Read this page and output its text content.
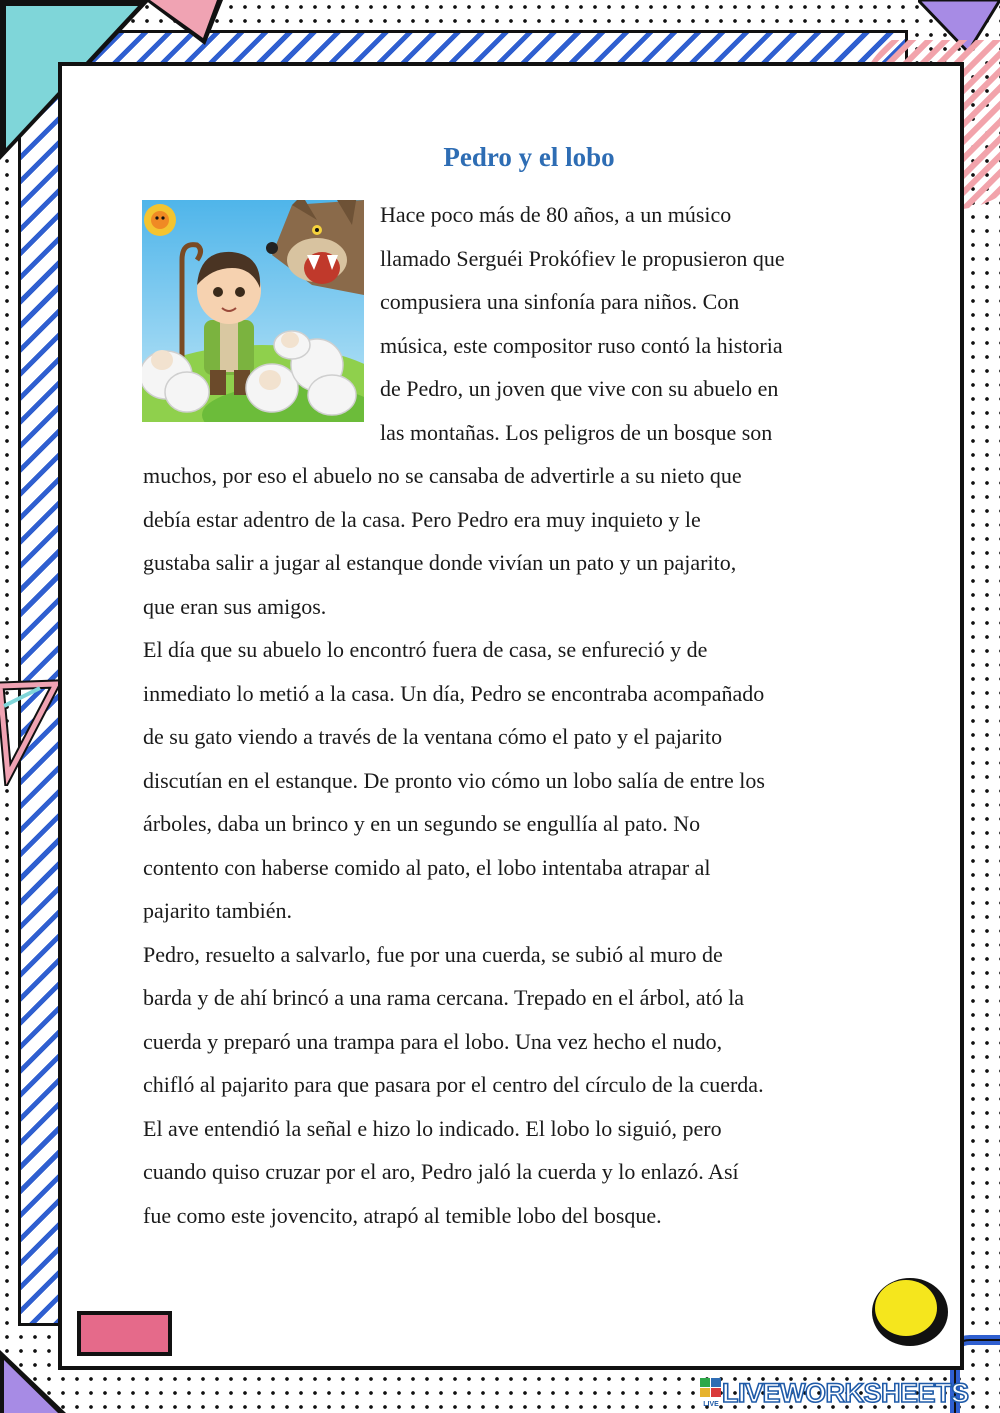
Pedro y el lobo
Hace poco más de 80 años, a un músico
llamado Serguéi Prokófiev le propusieron que
compusiera una sinfonía para niños. Con
música, este compositor ruso contó la historia
de Pedro, un joven que vive con su abuelo en
las montañas. Los peligros de un bosque son
muchos, por eso el abuelo no se cansaba de advertirle a su nieto que
debía estar adentro de la casa. Pero Pedro era muy inquieto y le
gustaba salir a jugar al estanque donde vivían un pato y un pajarito,
que eran sus amigos.
El día que su abuelo lo encontró fuera de casa, se enfureció y de
inmediato lo metió a la casa. Un día, Pedro se encontraba acompañado
de su gato viendo a través de la ventana cómo el pato y el pajarito
discutían en el estanque. De pronto vio cómo un lobo salía de entre los
árboles, daba un brinco y en un segundo se engullía al pato. No
contento con haberse comido al pato, el lobo intentaba atrapar al
pajarito también.
Pedro, resuelto a salvarlo, fue por una cuerda, se subió al muro de
barda y de ahí brincó a una rama cercana. Trepado en el árbol, ató la
cuerda y preparó una trampa para el lobo. Una vez hecho el nudo,
chifló al pajarito para que pasara por el centro del círculo de la cuerda.
El ave entendió la señal e hizo lo indicado. El lobo lo siguió, pero
cuando quiso cruzar por el aro, Pedro jaló la cuerda y lo enlazó. Así
fue como este jovencito, atrapó al temible lobo del bosque.
LIVE LIVEWORKSHEETS
